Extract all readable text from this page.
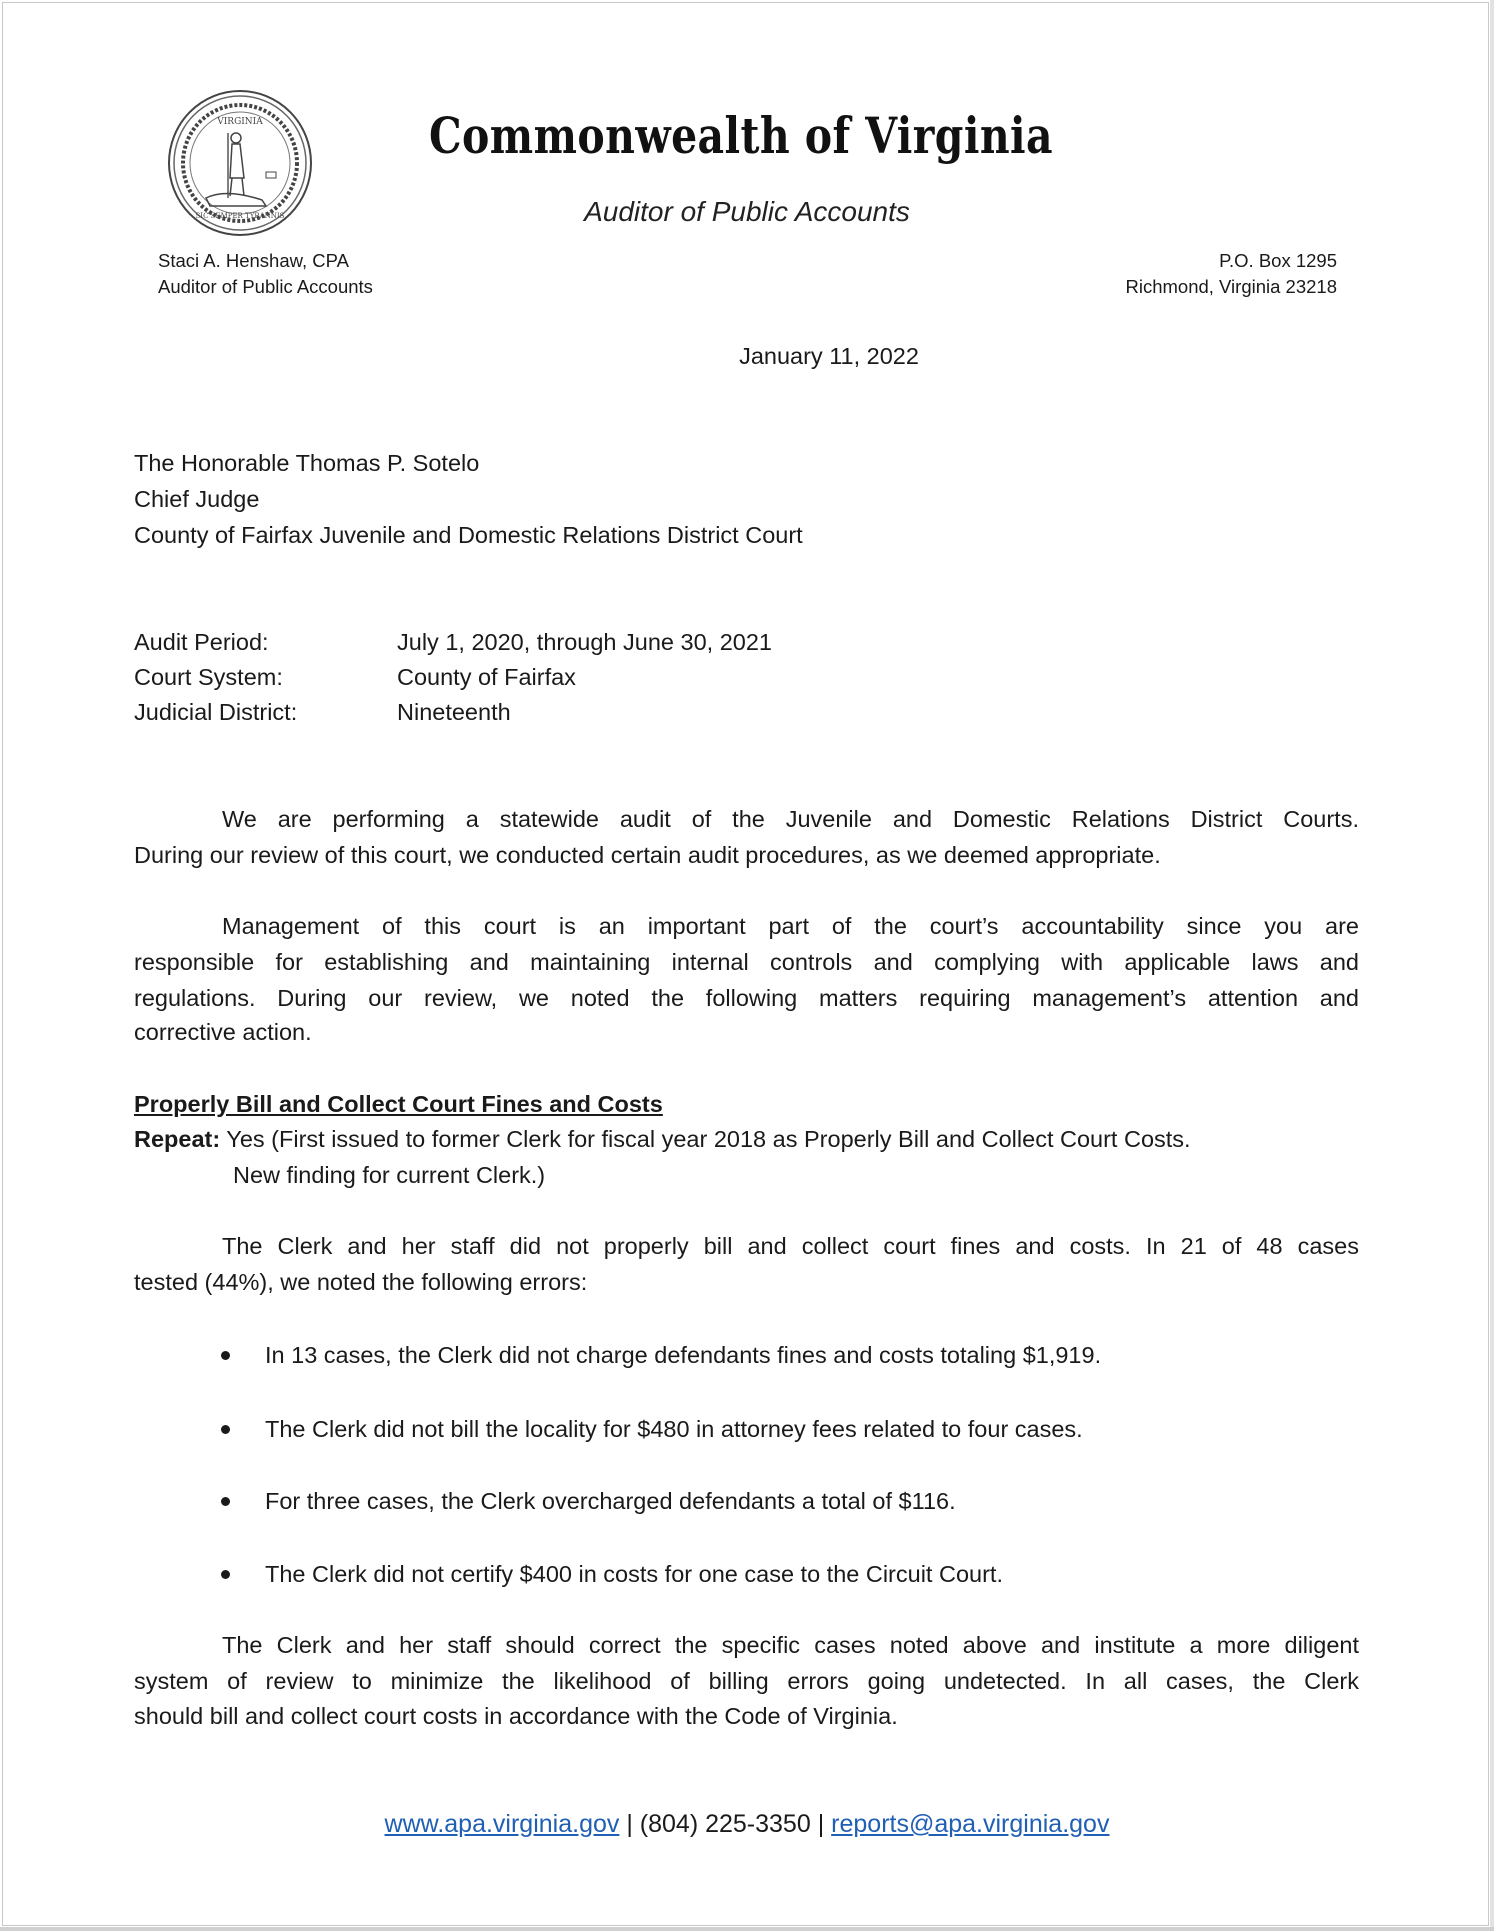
VIRGINIA
SIC SEMPER TYRANNIS
Commonwealth of Virginia
Auditor of Public Accounts
Staci A. Henshaw, CPA
Auditor of Public Accounts
P.O. Box 1295
Richmond, Virginia 23218
January 11, 2022
The Honorable Thomas P. Sotelo
Chief Judge
County of Fairfax Juvenile and Domestic Relations District Court
Audit Period:	July 1, 2020, through June 30, 2021
Court System:	County of Fairfax
Judicial District:	Nineteenth
We are performing a statewide audit of the Juvenile and Domestic Relations District Courts.
During our review of this court, we conducted certain audit procedures, as we deemed appropriate.
Management of this court is an important part of the court’s accountability since you are
responsible for establishing and maintaining internal controls and complying with applicable laws and
regulations. During our review, we noted the following matters requiring management’s attention and
corrective action.
Properly Bill and Collect Court Fines and Costs
Repeat: Yes (First issued to former Clerk for fiscal year 2018 as Properly Bill and Collect Court Costs.
New finding for current Clerk.)
The Clerk and her staff did not properly bill and collect court fines and costs. In 21 of 48 cases
tested (44%), we noted the following errors:
In 13 cases, the Clerk did not charge defendants fines and costs totaling $1,919.
The Clerk did not bill the locality for $480 in attorney fees related to four cases.
For three cases, the Clerk overcharged defendants a total of $116.
The Clerk did not certify $400 in costs for one case to the Circuit Court.
The Clerk and her staff should correct the specific cases noted above and institute a more diligent
system of review to minimize the likelihood of billing errors going undetected. In all cases, the Clerk
should bill and collect court costs in accordance with the Code of Virginia.
www.apa.virginia.gov | (804) 225-3350 | reports@apa.virginia.gov
